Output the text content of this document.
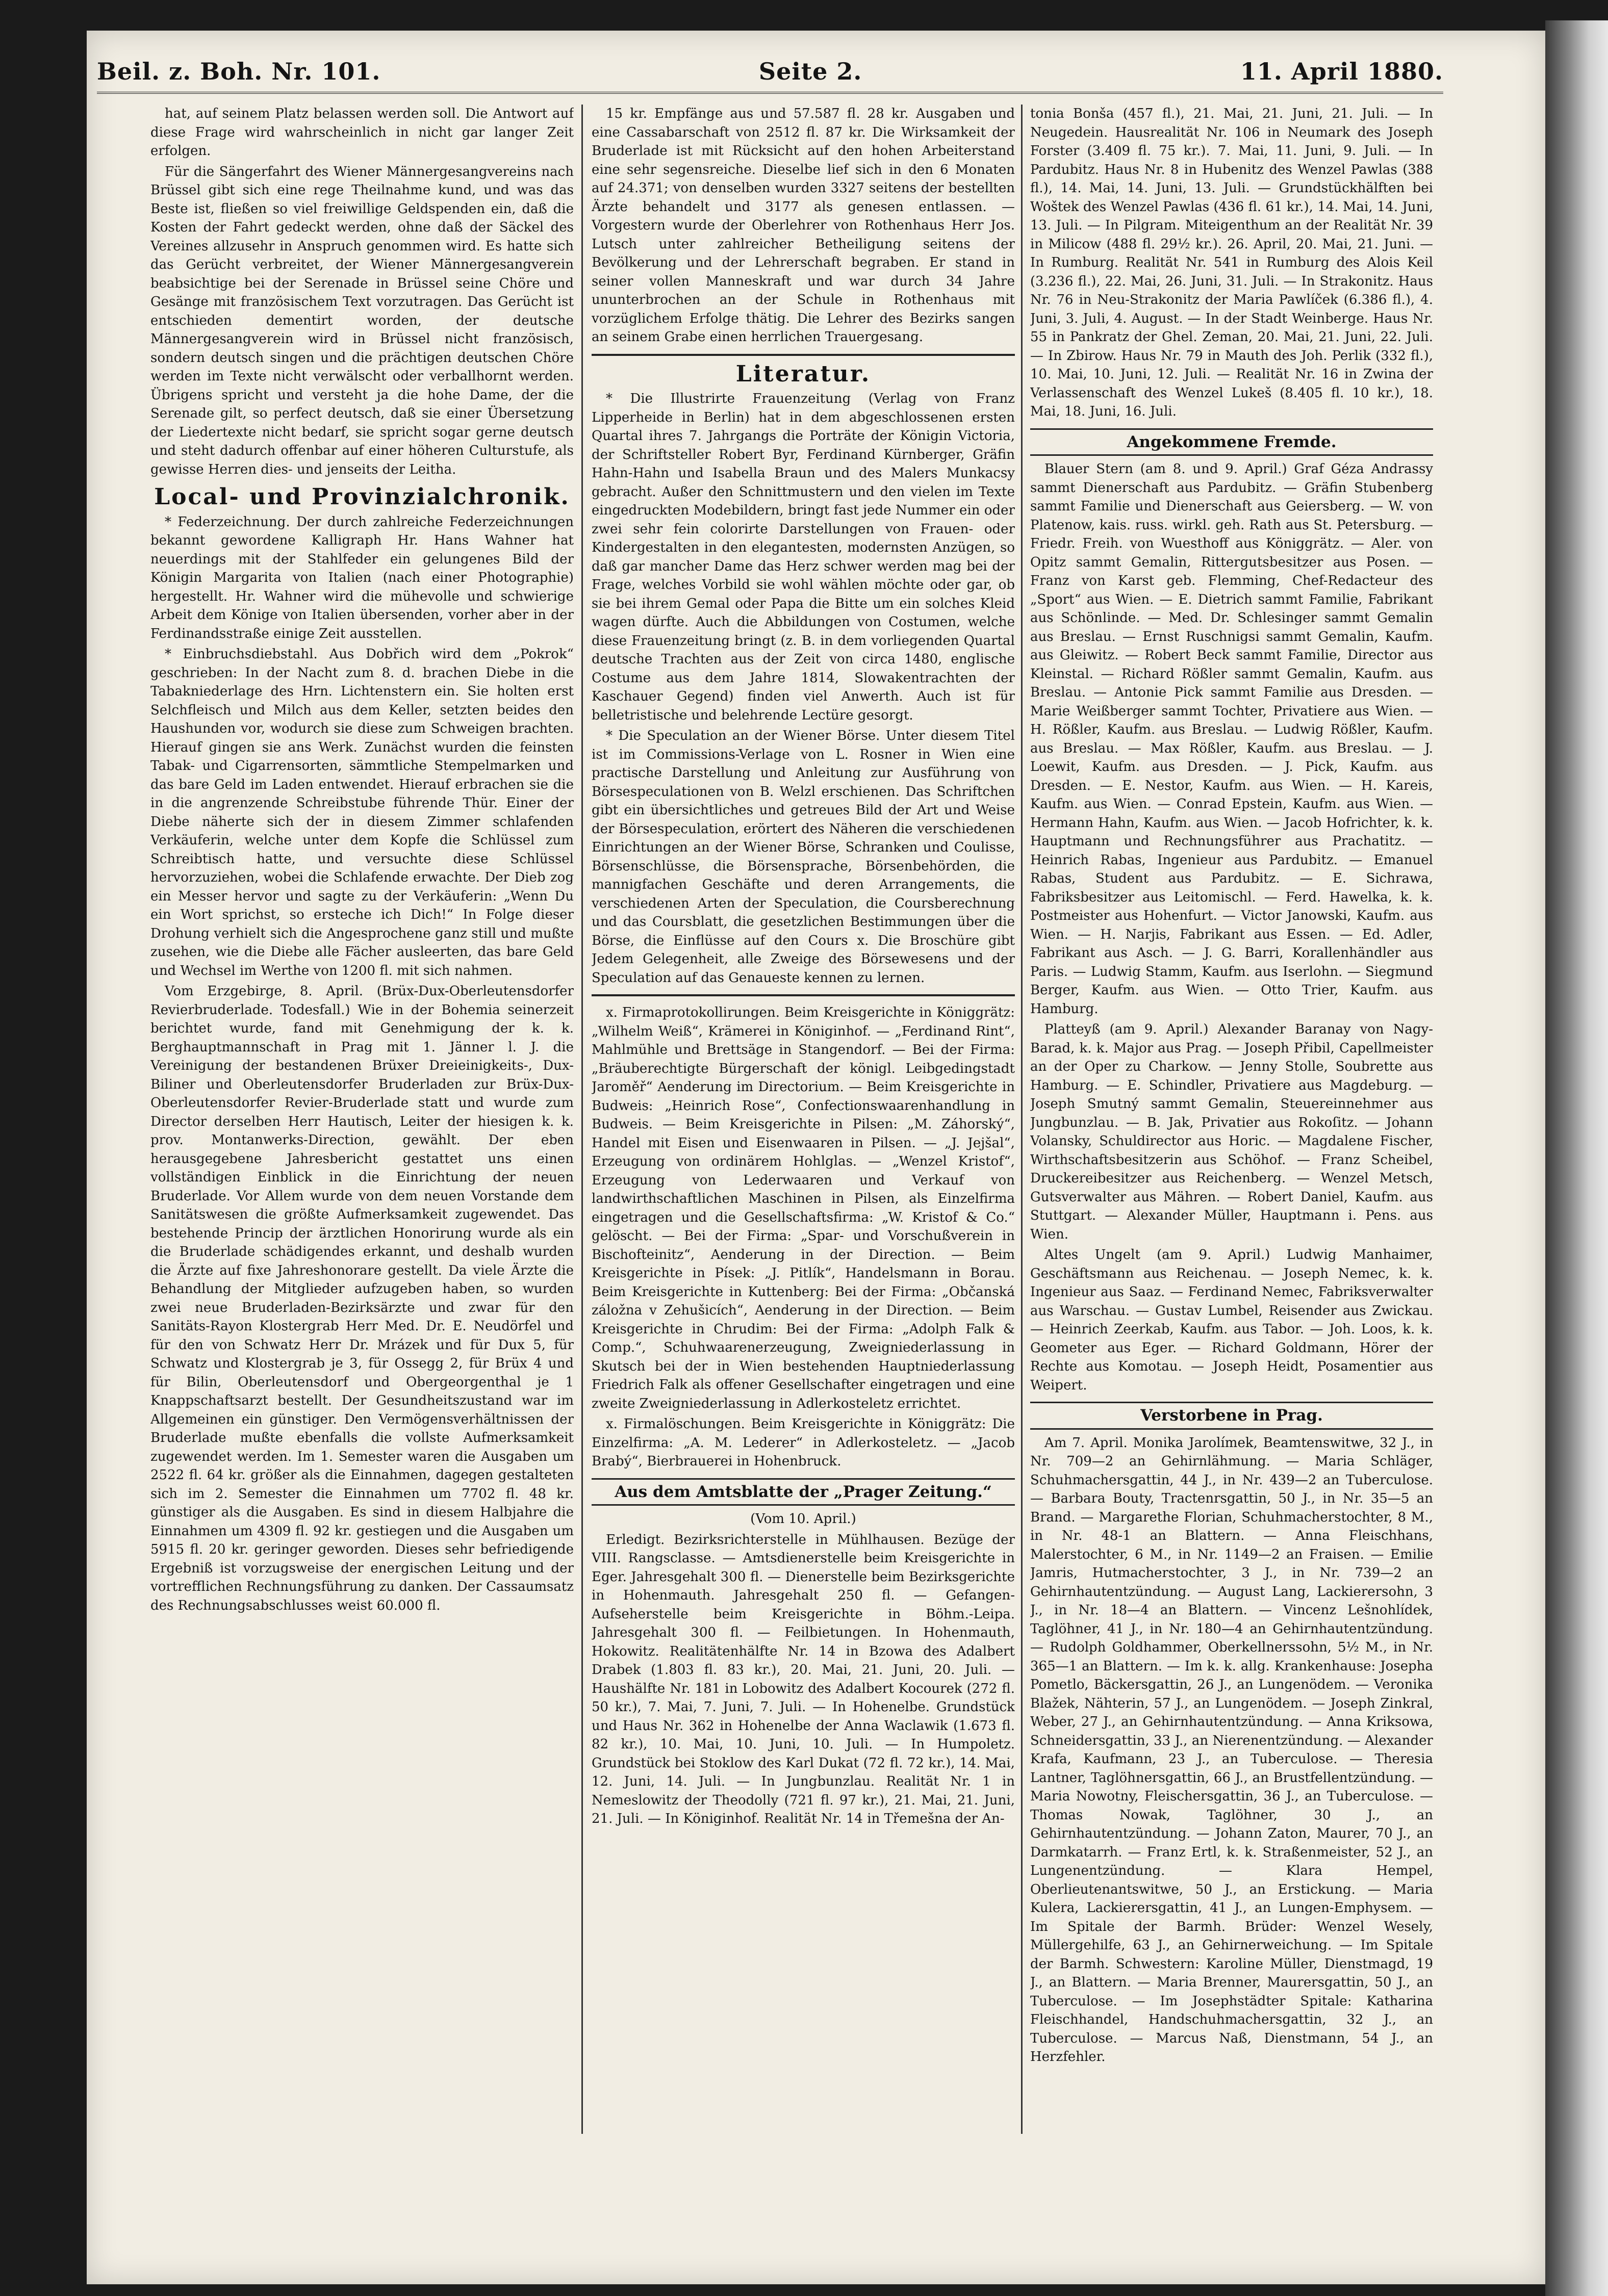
Beil. z. Boh. Nr. 101.	Seite 2.	11. April 1880.

hat, auf seinem Platz belassen werden soll. Die Antwort auf diese Frage wird wahrscheinlich in nicht gar langer Zeit erfolgen.

Für die Sängerfahrt des Wiener Männergesangvereins nach Brüssel gibt sich eine rege Theilnahme kund, und was das Beste ist, fließen so viel freiwillige Geldspenden ein, daß die Kosten der Fahrt gedeckt werden, ohne daß der Säckel des Vereines allzusehr in Anspruch genommen wird. Es hatte sich das Gerücht verbreitet, der Wiener Männergesangverein beabsichtige bei der Serenade in Brüssel seine Chöre und Gesänge mit französischem Text vorzutragen. Das Gerücht ist entschieden dementirt worden, der deutsche Männergesangverein wird in Brüssel nicht französisch, sondern deutsch singen und die prächtigen deutschen Chöre werden im Texte nicht verwälscht oder verballhornt werden. Übrigens spricht und versteht ja die hohe Dame, der die Serenade gilt, so perfect deutsch, daß sie einer Übersetzung der Liedertexte nicht bedarf, sie spricht sogar gerne deutsch und steht dadurch offenbar auf einer höheren Culturstufe, als gewisse Herren dies- und jenseits der Leitha.

Local- und Provinzialchronik.

* Federzeichnung. Der durch zahlreiche Federzeichnungen bekannt gewordene Kalligraph Hr. Hans Wahner hat neuerdings mit der Stahlfeder ein gelungenes Bild der Königin Margarita von Italien (nach einer Photographie) hergestellt. Hr. Wahner wird die mühevolle und schwierige Arbeit dem Könige von Italien übersenden, vorher aber in der Ferdinandsstraße einige Zeit ausstellen.

* Einbruchsdiebstahl. Aus Dobřich wird dem „Pokrok“ geschrieben: In der Nacht zum 8. d. brachen Diebe in die Tabakniederlage des Hrn. Lichtenstern ein. Sie holten erst Selchfleisch und Milch aus dem Keller, setzten beides den Haushunden vor, wodurch sie diese zum Schweigen brachten. Hierauf gingen sie ans Werk. Zunächst wurden die feinsten Tabak- und Cigarrensorten, sämmtliche Stempelmarken und das bare Geld im Laden entwendet. Hierauf erbrachen sie die in die angrenzende Schreibstube führende Thür. Einer der Diebe näherte sich der in diesem Zimmer schlafenden Verkäuferin, welche unter dem Kopfe die Schlüssel zum Schreibtisch hatte, und versuchte diese Schlüssel hervorzuziehen, wobei die Schlafende erwachte. Der Dieb zog ein Messer hervor und sagte zu der Verkäuferin: „Wenn Du ein Wort sprichst, so ersteche ich Dich!“ In Folge dieser Drohung verhielt sich die Angesprochene ganz still und mußte zusehen, wie die Diebe alle Fächer ausleerten, das bare Geld und Wechsel im Werthe von 1200 fl. mit sich nahmen.

Vom Erzgebirge, 8. April. (Brüx-Dux-Oberleutensdorfer Revierbruderlade. Todesfall.) Wie in der Bohemia seinerzeit berichtet wurde, fand mit Genehmigung der k. k. Berghauptmannschaft in Prag mit 1. Jänner l. J. die Vereinigung der bestandenen Brüxer Dreieinigkeits-, Dux-Biliner und Oberleutensdorfer Bruderladen zur Brüx-Dux-Oberleutensdorfer Revier-Bruderlade statt und wurde zum Director derselben Herr Hautisch, Leiter der hiesigen k. k. prov. Montanwerks-Direction, gewählt. Der eben herausgegebene Jahresbericht gestattet uns einen vollständigen Einblick in die Einrichtung der neuen Bruderlade. Vor Allem wurde von dem neuen Vorstande dem Sanitätswesen die größte Aufmerksamkeit zugewendet. Das bestehende Princip der ärztlichen Honorirung wurde als ein die Bruderlade schädigendes erkannt, und deshalb wurden die Ärzte auf fixe Jahreshonorare gestellt. Da viele Ärzte die Behandlung der Mitglieder aufzugeben haben, so wurden zwei neue Bruderladen-Bezirksärzte und zwar für den Sanitäts-Rayon Klostergrab Herr Med. Dr. E. Neudörfel und für den von Schwatz Herr Dr. Mrázek und für Dux 5, für Schwatz und Klostergrab je 3, für Ossegg 2, für Brüx 4 und für Bilin, Oberleutensdorf und Obergeorgenthal je 1 Knappschaftsarzt bestellt. Der Gesundheitszustand war im Allgemeinen ein günstiger. Den Vermögensverhältnissen der Bruderlade mußte ebenfalls die vollste Aufmerksamkeit zugewendet werden. Im 1. Semester waren die Ausgaben um 2522 fl. 64 kr. größer als die Einnahmen, dagegen gestalteten sich im 2. Semester die Einnahmen um 7702 fl. 48 kr. günstiger als die Ausgaben. Es sind in diesem Halbjahre die Einnahmen um 4309 fl. 92 kr. gestiegen und die Ausgaben um 5915 fl. 20 kr. geringer geworden. Dieses sehr befriedigende Ergebniß ist vorzugsweise der energischen Leitung und der vortrefflichen Rechnungsführung zu danken. Der Cassaumsatz des Rechnungsabschlusses weist 60.000 fl.

15 kr. Empfänge aus und 57.587 fl. 28 kr. Ausgaben und eine Cassabarschaft von 2512 fl. 87 kr. Die Wirksamkeit der Bruderlade ist mit Rücksicht auf den hohen Arbeiterstand eine sehr segensreiche. Dieselbe lief sich in den 6 Monaten auf 24.371; von denselben wurden 3327 seitens der bestellten Ärzte behandelt und 3177 als genesen entlassen. — Vorgestern wurde der Oberlehrer von Rothenhaus Herr Jos. Lutsch unter zahlreicher Betheiligung seitens der Bevölkerung und der Lehrerschaft begraben. Er stand in seiner vollen Manneskraft und war durch 34 Jahre ununterbrochen an der Schule in Rothenhaus mit vorzüglichem Erfolge thätig. Die Lehrer des Bezirks sangen an seinem Grabe einen herrlichen Trauergesang.

Literatur.

* Die Illustrirte Frauenzeitung (Verlag von Franz Lipperheide in Berlin) hat in dem abgeschlossenen ersten Quartal ihres 7. Jahrgangs die Porträte der Königin Victoria, der Schriftsteller Robert Byr, Ferdinand Kürnberger, Gräfin Hahn-Hahn und Isabella Braun und des Malers Munkacsy gebracht. Außer den Schnittmustern und den vielen im Texte eingedruckten Modebildern, bringt fast jede Nummer ein oder zwei sehr fein colorirte Darstellungen von Frauen- oder Kindergestalten in den elegantesten, modernsten Anzügen, so daß gar mancher Dame das Herz schwer werden mag bei der Frage, welches Vorbild sie wohl wählen möchte oder gar, ob sie bei ihrem Gemal oder Papa die Bitte um ein solches Kleid wagen dürfte. Auch die Abbildungen von Costumen, welche diese Frauenzeitung bringt (z. B. in dem vorliegenden Quartal deutsche Trachten aus der Zeit von circa 1480, englische Costume aus dem Jahre 1814, Slowakentrachten der Kaschauer Gegend) finden viel Anwerth. Auch ist für belletristische und belehrende Lectüre gesorgt.

* Die Speculation an der Wiener Börse. Unter diesem Titel ist im Commissions-Verlage von L. Rosner in Wien eine practische Darstellung und Anleitung zur Ausführung von Börsespeculationen von B. Welzl erschienen. Das Schriftchen gibt ein übersichtliches und getreues Bild der Art und Weise der Börsespeculation, erörtert des Näheren die verschiedenen Einrichtungen an der Wiener Börse, Schranken und Coulisse, Börsenschlüsse, die Börsensprache, Börsenbehörden, die mannigfachen Geschäfte und deren Arrangements, die verschiedenen Arten der Speculation, die Coursberechnung und das Coursblatt, die gesetzlichen Bestimmungen über die Börse, die Einflüsse auf den Cours x. Die Broschüre gibt Jedem Gelegenheit, alle Zweige des Börsewesens und der Speculation auf das Genaueste kennen zu lernen.

x. Firmaprotokollirungen. Beim Kreisgerichte in Königgrätz: „Wilhelm Weiß“, Krämerei in Königinhof. — „Ferdinand Rint“, Mahlmühle und Brettsäge in Stangendorf. — Bei der Firma: „Bräuberechtigte Bürgerschaft der königl. Leibgedingstadt Jaroměř“ Aenderung im Directorium. — Beim Kreisgerichte in Budweis: „Heinrich Rose“, Confectionswaarenhandlung in Budweis. — Beim Kreisgerichte in Pilsen: „M. Záhorský“, Handel mit Eisen und Eisenwaaren in Pilsen. — „J. Jejšal“, Erzeugung von ordinärem Hohlglas. — „Wenzel Kristof“, Erzeugung von Lederwaaren und Verkauf von landwirthschaftlichen Maschinen in Pilsen, als Einzelfirma eingetragen und die Gesellschaftsfirma: „W. Kristof & Co.“ gelöscht. — Bei der Firma: „Spar- und Vorschußverein in Bischofteinitz“, Aenderung in der Direction. — Beim Kreisgerichte in Písek: „J. Pitlík“, Handelsmann in Borau. Beim Kreisgerichte in Kuttenberg: Bei der Firma: „Občanská záložna v Zehušicích“, Aenderung in der Direction. — Beim Kreisgerichte in Chrudim: Bei der Firma: „Adolph Falk & Comp.“, Schuhwaarenerzeugung, Zweigniederlassung in Skutsch bei der in Wien bestehenden Hauptniederlassung Friedrich Falk als offener Gesellschafter eingetragen und eine zweite Zweigniederlassung in Adlerkosteletz errichtet.

x. Firmalöschungen. Beim Kreisgerichte in Königgrätz: Die Einzelfirma: „A. M. Lederer“ in Adlerkosteletz. — „Jacob Brabý“, Bierbrauerei in Hohenbruck.

Aus dem Amtsblatte der „Prager Zeitung.“

(Vom 10. April.)

Erledigt. Bezirksrichterstelle in Mühlhausen. Bezüge der VIII. Rangsclasse. — Amtsdienerstelle beim Kreisgerichte in Eger. Jahresgehalt 300 fl. — Dienerstelle beim Bezirksgerichte in Hohenmauth. Jahresgehalt 250 fl. — Gefangen-Aufseherstelle beim Kreisgerichte in Böhm.-Leipa. Jahresgehalt 300 fl. — Feilbietungen. In Hohenmauth, Hokowitz. Realitätenhälfte Nr. 14 in Bzowa des Adalbert Drabek (1.803 fl. 83 kr.), 20. Mai, 21. Juni, 20. Juli. — Haushälfte Nr. 181 in Lobowitz des Adalbert Kocourek (272 fl. 50 kr.), 7. Mai, 7. Juni, 7. Juli. — In Hohenelbe. Grundstück und Haus Nr. 362 in Hohenelbe der Anna Waclawik (1.673 fl. 82 kr.), 10. Mai, 10. Juni, 10. Juli. — In Humpoletz. Grundstück bei Stoklow des Karl Dukat (72 fl. 72 kr.), 14. Mai, 12. Juni, 14. Juli. — In Jungbunzlau. Realität Nr. 1 in Nemeslowitz der Theodolly (721 fl. 97 kr.), 21. Mai, 21. Juni, 21. Juli. — In Königinhof. Realität Nr. 14 in Třemešna der An-

tonia Bonša (457 fl.), 21. Mai, 21. Juni, 21. Juli. — In Neugedein. Hausrealität Nr. 106 in Neumark des Joseph Forster (3.409 fl. 75 kr.). 7. Mai, 11. Juni, 9. Juli. — In Pardubitz. Haus Nr. 8 in Hubenitz des Wenzel Pawlas (388 fl.), 14. Mai, 14. Juni, 13. Juli. — Grundstückhälften bei Woštek des Wenzel Pawlas (436 fl. 61 kr.), 14. Mai, 14. Juni, 13. Juli. — In Pilgram. Miteigenthum an der Realität Nr. 39 in Milicow (488 fl. 29½ kr.). 26. April, 20. Mai, 21. Juni. — In Rumburg. Realität Nr. 541 in Rumburg des Alois Keil (3.236 fl.), 22. Mai, 26. Juni, 31. Juli. — In Strakonitz. Haus Nr. 76 in Neu-Strakonitz der Maria Pawlíček (6.386 fl.), 4. Juni, 3. Juli, 4. August. — In der Stadt Weinberge. Haus Nr. 55 in Pankratz der Ghel. Zeman, 20. Mai, 21. Juni, 22. Juli. — In Zbirow. Haus Nr. 79 in Mauth des Joh. Perlik (332 fl.), 10. Mai, 10. Juni, 12. Juli. — Realität Nr. 16 in Zwina der Verlassenschaft des Wenzel Lukeš (8.405 fl. 10 kr.), 18. Mai, 18. Juni, 16. Juli.

Angekommene Fremde.

Blauer Stern (am 8. und 9. April.) Graf Géza Andrassy sammt Dienerschaft aus Pardubitz. — Gräfin Stubenberg sammt Familie und Dienerschaft aus Geiersberg. — W. von Platenow, kais. russ. wirkl. geh. Rath aus St. Petersburg. — Friedr. Freih. von Wuesthoff aus Königgrätz. — Aler. von Opitz sammt Gemalin, Rittergutsbesitzer aus Posen. — Franz von Karst geb. Flemming, Chef-Redacteur des „Sport“ aus Wien. — E. Dietrich sammt Familie, Fabrikant aus Schönlinde. — Med. Dr. Schlesinger sammt Gemalin aus Breslau. — Ernst Ruschnigsi sammt Gemalin, Kaufm. aus Gleiwitz. — Robert Beck sammt Familie, Director aus Kleinstal. — Richard Rößler sammt Gemalin, Kaufm. aus Breslau. — Antonie Pick sammt Familie aus Dresden. — Marie Weißberger sammt Tochter, Privatiere aus Wien. — H. Rößler, Kaufm. aus Breslau. — Ludwig Rößler, Kaufm. aus Breslau. — Max Rößler, Kaufm. aus Breslau. — J. Loewit, Kaufm. aus Dresden. — J. Pick, Kaufm. aus Dresden. — E. Nestor, Kaufm. aus Wien. — H. Kareis, Kaufm. aus Wien. — Conrad Epstein, Kaufm. aus Wien. — Hermann Hahn, Kaufm. aus Wien. — Jacob Hofrichter, k. k. Hauptmann und Rechnungsführer aus Prachatitz. — Heinrich Rabas, Ingenieur aus Pardubitz. — Emanuel Rabas, Student aus Pardubitz. — E. Sichrawa, Fabriksbesitzer aus Leitomischl. — Ferd. Hawelka, k. k. Postmeister aus Hohenfurt. — Victor Janowski, Kaufm. aus Wien. — H. Narjis, Fabrikant aus Essen. — Ed. Adler, Fabrikant aus Asch. — J. G. Barri, Korallenhändler aus Paris. — Ludwig Stamm, Kaufm. aus Iserlohn. — Siegmund Berger, Kaufm. aus Wien. — Otto Trier, Kaufm. aus Hamburg.

Platteyß (am 9. April.) Alexander Baranay von Nagy-Barad, k. k. Major aus Prag. — Joseph Přibil, Capellmeister an der Oper zu Charkow. — Jenny Stolle, Soubrette aus Hamburg. — E. Schindler, Privatiere aus Magdeburg. — Joseph Smutný sammt Gemalin, Steuereinnehmer aus Jungbunzlau. — B. Jak, Privatier aus Rokoſitz. — Johann Volansky, Schuldirector aus Horic. — Magdalene Fischer, Wirthschaftsbesitzerin aus Schöhof. — Franz Scheibel, Druckereibesitzer aus Reichenberg. — Wenzel Metsch, Gutsverwalter aus Mähren. — Robert Daniel, Kaufm. aus Stuttgart. — Alexander Müller, Hauptmann i. Pens. aus Wien.

Altes Ungelt (am 9. April.) Ludwig Manhaimer, Geschäftsmann aus Reichenau. — Joseph Nemec, k. k. Ingenieur aus Saaz. — Ferdinand Nemec, Fabriksverwalter aus Warschau. — Gustav Lumbel, Reisender aus Zwickau. — Heinrich Zeerkab, Kaufm. aus Tabor. — Joh. Loos, k. k. Geometer aus Eger. — Richard Goldmann, Hörer der Rechte aus Komotau. — Joseph Heidt, Posamentier aus Weipert.

Verstorbene in Prag.

Am 7. April. Monika Jarolímek, Beamtenswitwe, 32 J., in Nr. 709—2 an Gehirnlähmung. — Maria Schläger, Schuhmachersgattin, 44 J., in Nr. 439—2 an Tuberculose. — Barbara Bouty, Tractenrsgattin, 50 J., in Nr. 35—5 an Brand. — Margarethe Florian, Schuhmacherstochter, 8 M., in Nr. 48-1 an Blattern. — Anna Fleischhans, Malerstochter, 6 M., in Nr. 1149—2 an Fraisen. — Emilie Jamris, Hutmacherstochter, 3 J., in Nr. 739—2 an Gehirnhautentzündung. — August Lang, Lackierersohn, 3 J., in Nr. 18—4 an Blattern. — Vincenz Lešnohlídek, Taglöhner, 41 J., in Nr. 180—4 an Gehirnhautentzündung. — Rudolph Goldhammer, Oberkellnerssohn, 5½ M., in Nr. 365—1 an Blattern. — Im k. k. allg. Krankenhause: Josepha Pometlo, Bäckersgattin, 26 J., an Lungenödem. — Veronika Blažek, Nähterin, 57 J., an Lungenödem. — Joseph Zinkral, Weber, 27 J., an Gehirnhautentzündung. — Anna Kriksowa, Schneidersgattin, 33 J., an Nierenentzündung. — Alexander Krafa, Kaufmann, 23 J., an Tuberculose. — Theresia Lantner, Taglöhnersgattin, 66 J., an Brustfellentzündung. — Maria Nowotny, Fleischersgattin, 36 J., an Tuberculose. — Thomas Nowak, Taglöhner, 30 J., an Gehirnhautentzündung. — Johann Zaton, Maurer, 70 J., an Darmkatarrh. — Franz Ertl, k. k. Straßenmeister, 52 J., an Lungenentzündung. — Klara Hempel, Oberlieutenantswitwe, 50 J., an Erstickung. — Maria Kulera, Lackierersgattin, 41 J., an Lungen-Emphysem. — Im Spitale der Barmh. Brüder: Wenzel Wesely, Müllergehilfe, 63 J., an Gehirnerweichung. — Im Spitale der Barmh. Schwestern: Karoline Müller, Dienstmagd, 19 J., an Blattern. — Maria Brenner, Maurersgattin, 50 J., an Tuberculose. — Im Josephstädter Spitale: Katharina Fleischhandel, Handschuhmachersgattin, 32 J., an Tuberculose. — Marcus Naß, Dienstmann, 54 J., an Herzfehler.
